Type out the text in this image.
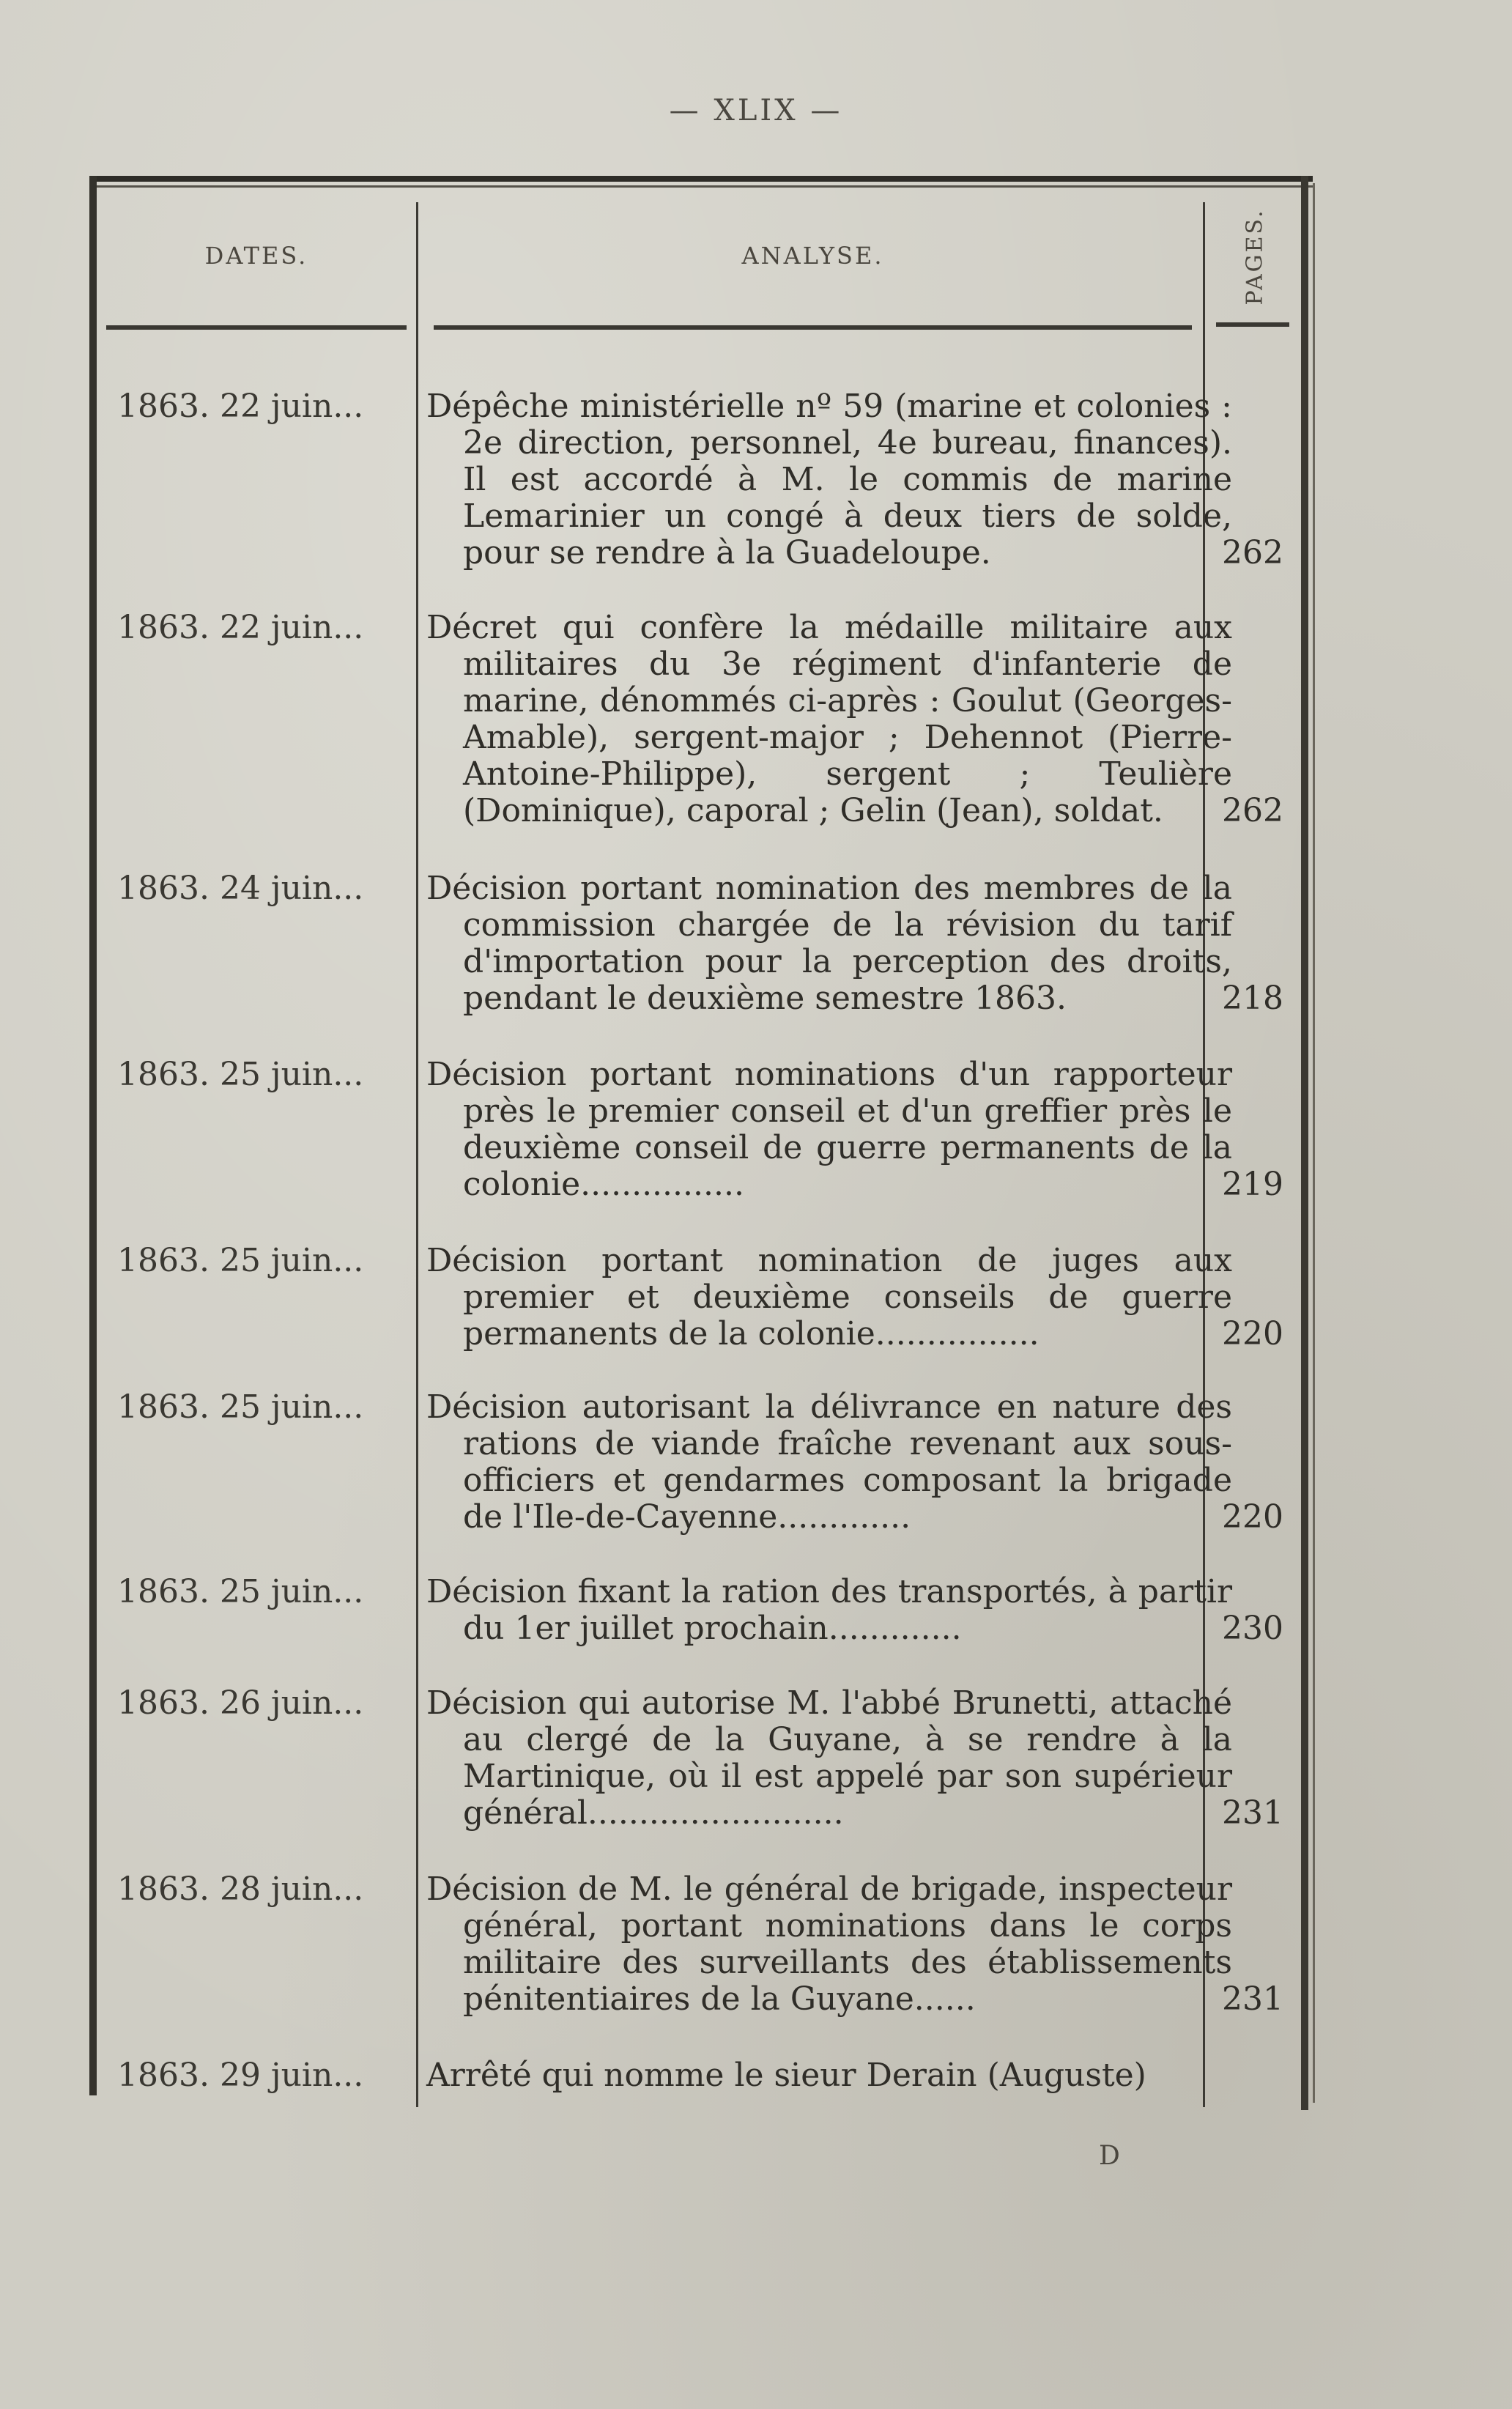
— XLIX —
DATES.	ANALYSE.	PAGES.
1863. 22 juin...	Dépêche ministérielle nº 59 (marine et colonies : 2e direction, personnel, 4e bureau, finances). Il est accordé à M. le commis de marine Lemarinier un congé à deux tiers de solde, pour se rendre à la Guadeloupe.	262
1863. 22 juin...	Décret qui confère la médaille militaire aux militaires du 3e régiment d'infanterie de marine, dénommés ci-après : Goulut (Georges-Amable), sergent-major ; Dehennot (Pierre-Antoine-Philippe), sergent ; Teulière (Dominique), caporal ; Gelin (Jean), soldat.	262
1863. 24 juin...	Décision portant nomination des membres de la commission chargée de la révision du tarif d'importation pour la perception des droits, pendant le deuxième semestre 1863.	218
1863. 25 juin...	Décision portant nominations d'un rapporteur près le premier conseil et d'un greffier près le deuxième conseil de guerre permanents de la colonie................	219
1863. 25 juin...	Décision portant nomination de juges aux premier et deuxième conseils de guerre permanents de la colonie................	220
1863. 25 juin...	Décision autorisant la délivrance en nature des rations de viande fraîche revenant aux sous-officiers et gendarmes composant la brigade de l'Ile-de-Cayenne.............	220
1863. 25 juin...	Décision fixant la ration des transportés, à partir du 1er juillet prochain.............	230
1863. 26 juin...	Décision qui autorise M. l'abbé Brunetti, attaché au clergé de la Guyane, à se rendre à la Martinique, où il est appelé par son supérieur général.........................	231
1863. 28 juin...	Décision de M. le général de brigade, inspecteur général, portant nominations dans le corps militaire des surveillants des établissements pénitentiaires de la Guyane......	231
1863. 29 juin...	Arrêté qui nomme le sieur Derain (Auguste)
D
